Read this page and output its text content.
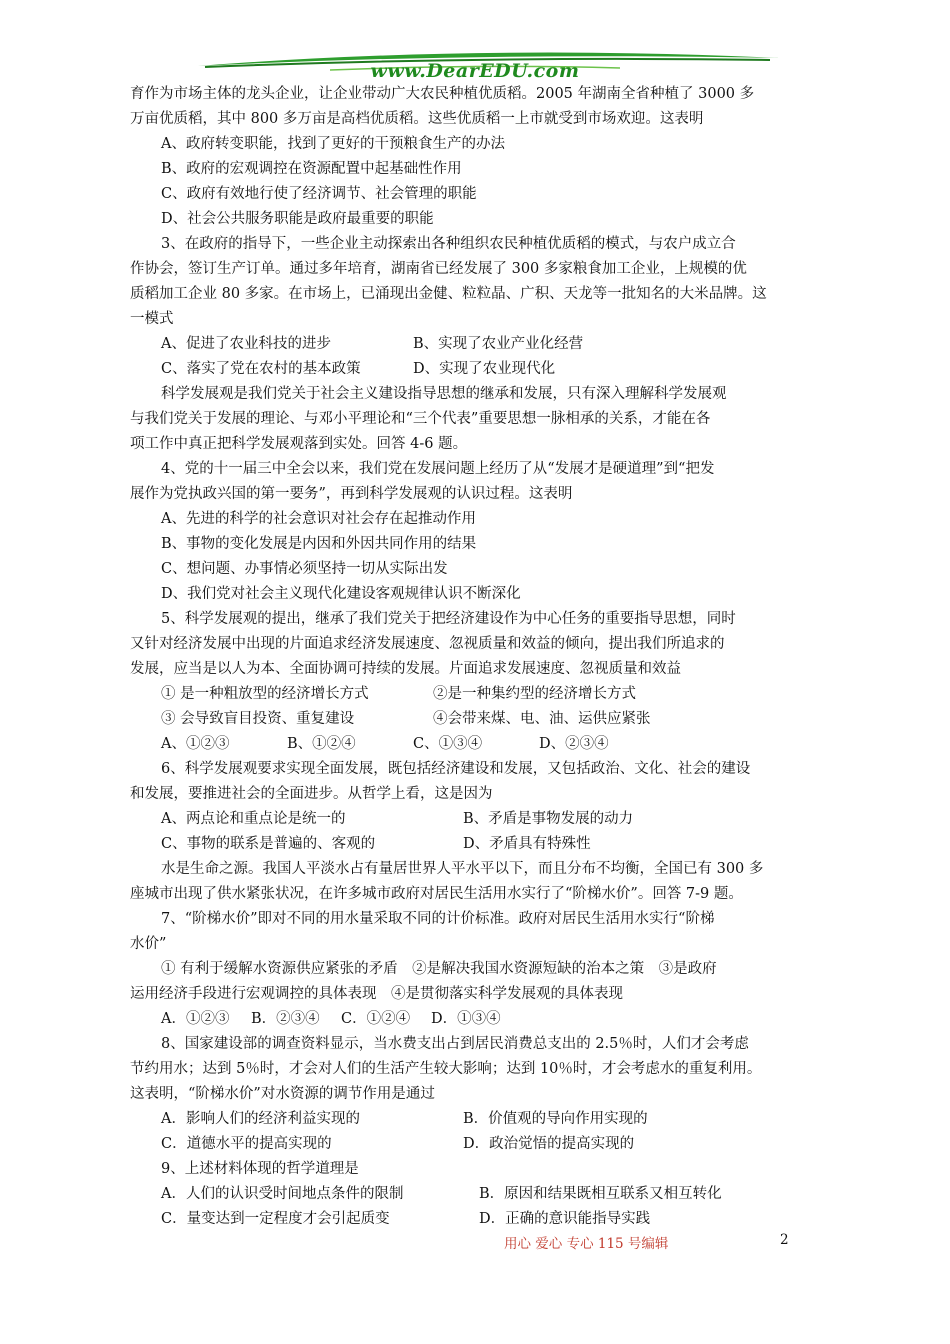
www.DearEDU.com
育作为市场主体的龙头企业，让企业带动广大农民种植优质稻。2005 年湖南全省种植了 3000 多
万亩优质稻，其中 800 多万亩是高档优质稻。这些优质稻一上市就受到市场欢迎。这表明
A、政府转变职能，找到了更好的干预粮食生产的办法
B、政府的宏观调控在资源配置中起基础性作用
C、政府有效地行使了经济调节、社会管理的职能
D、社会公共服务职能是政府最重要的职能
3、在政府的指导下，一些企业主动探索出各种组织农民种植优质稻的模式，与农户成立合
作协会，签订生产订单。通过多年培育，湖南省已经发展了 300 多家粮食加工企业，上规模的优
质稻加工企业 80 多家。在市场上，已涌现出金健、粒粒晶、广积、天龙等一批知名的大米品牌。这
一模式
A、促进了农业科技的进步	B、实现了农业产业化经营
C、落实了党在农村的基本政策	D、实现了农业现代化
科学发展观是我们党关于社会主义建设指导思想的继承和发展，只有深入理解科学发展观
与我们党关于发展的理论、与邓小平理论和“三个代表”重要思想一脉相承的关系，才能在各
项工作中真正把科学发展观落到实处。回答 4-6 题。
4、党的十一届三中全会以来，我们党在发展问题上经历了从“发展才是硬道理”到“把发
展作为党执政兴国的第一要务”，再到科学发展观的认识过程。这表明
A、先进的科学的社会意识对社会存在起推动作用
B、事物的变化发展是内因和外因共同作用的结果
C、想问题、办事情必须坚持一切从实际出发
D、我们党对社会主义现代化建设客观规律认识不断深化
5、科学发展观的提出，继承了我们党关于把经济建设作为中心任务的重要指导思想，同时
又针对经济发展中出现的片面追求经济发展速度、忽视质量和效益的倾向，提出我们所追求的
发展，应当是以人为本、全面协调可持续的发展。片面追求发展速度、忽视质量和效益
① 是一种粗放型的经济增长方式	②是一种集约型的经济增长方式
③ 会导致盲目投资、重复建设	④会带来煤、电、油、运供应紧张
A、①②③	B、①②④	C、①③④	D、②③④
6、科学发展观要求实现全面发展，既包括经济建设和发展，又包括政治、文化、社会的建设
和发展，要推进社会的全面进步。从哲学上看，这是因为
A、两点论和重点论是统一的	B、矛盾是事物发展的动力
C、事物的联系是普遍的、客观的	D、矛盾具有特殊性
水是生命之源。我国人平淡水占有量居世界人平水平以下，而且分布不均衡，全国已有 300 多
座城市出现了供水紧张状况，在许多城市政府对居民生活用水实行了“阶梯水价”。回答 7-9 题。
7、“阶梯水价”即对不同的用水量采取不同的计价标准。政府对居民生活用水实行“阶梯
水价”
① 有利于缓解水资源供应紧张的矛盾　②是解决我国水资源短缺的治本之策　③是政府
运用经济手段进行宏观调控的具体表现　④是贯彻落实科学发展观的具体表现
A．①②③	B．②③④	C．①②④	D．①③④
8、国家建设部的调查资料显示，当水费支出占到居民消费总支出的 2.5％时，人们才会考虑
节约用水；达到 5％时，才会对人们的生活产生较大影响；达到 10％时，才会考虑水的重复利用。
这表明，“阶梯水价”对水资源的调节作用是通过
A．影响人们的经济利益实现的	B．价值观的导向作用实现的
C．道德水平的提高实现的	D．政治觉悟的提高实现的
9、上述材料体现的哲学道理是
A．人们的认识受时间地点条件的限制	B．原因和结果既相互联系又相互转化
C．量变达到一定程度才会引起质变	D．正确的意识能指导实践
用心 爱心 专心 115 号编辑	2
